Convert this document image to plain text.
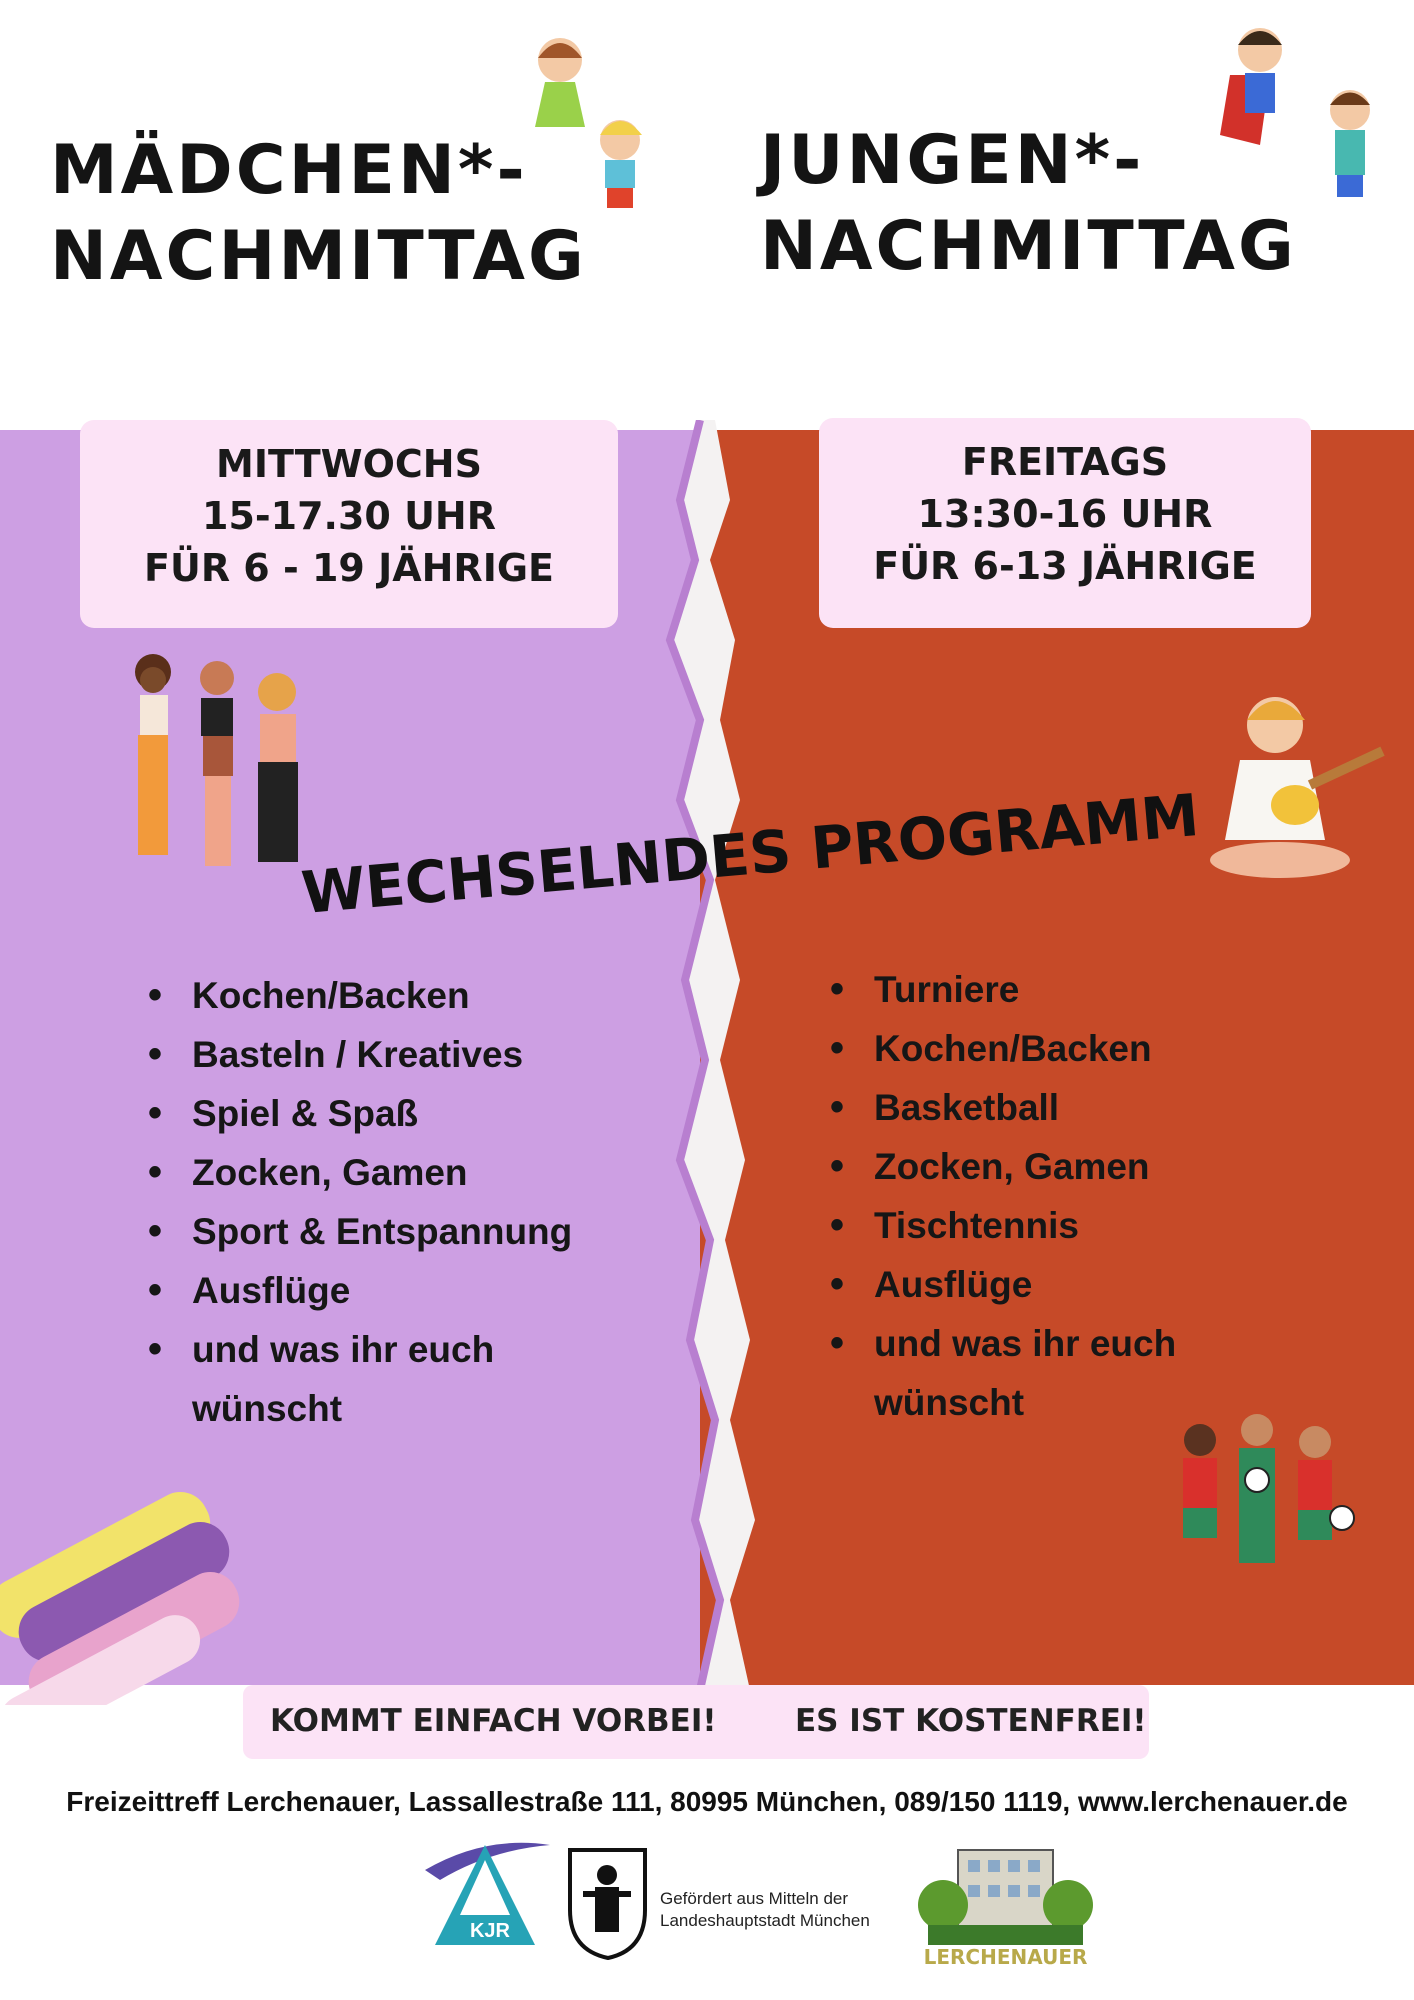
MÄDCHEN*-
NACHMITTAG
JUNGEN*-
NACHMITTAG
MITTWOCHS
15-17.30 UHR
FÜR 6 - 19 JÄHRIGE
FREITAGS
13:30-16 UHR
FÜR 6-13 JÄHRIGE
WECHSELNDES PROGRAMM
• Kochen/Backen
• Basteln / Kreatives
• Spiel & Spaß
• Zocken, Gamen
• Sport & Entspannung
• Ausflüge
• und was ihr euch wünscht
• Turniere
• Kochen/Backen
• Basketball
• Zocken, Gamen
• Tischtennis
• Ausflüge
• und was ihr euch wünscht
KOMMT EINFACH VORBEI!	ES IST KOSTENFREI!
Freizeittreff Lerchenauer, Lassallestraße 111, 80995 München, 089/150 1119, www.lerchenauer.de
KJR
Gefördert aus Mitteln der
Landeshauptstadt München
LERCHENAUER
